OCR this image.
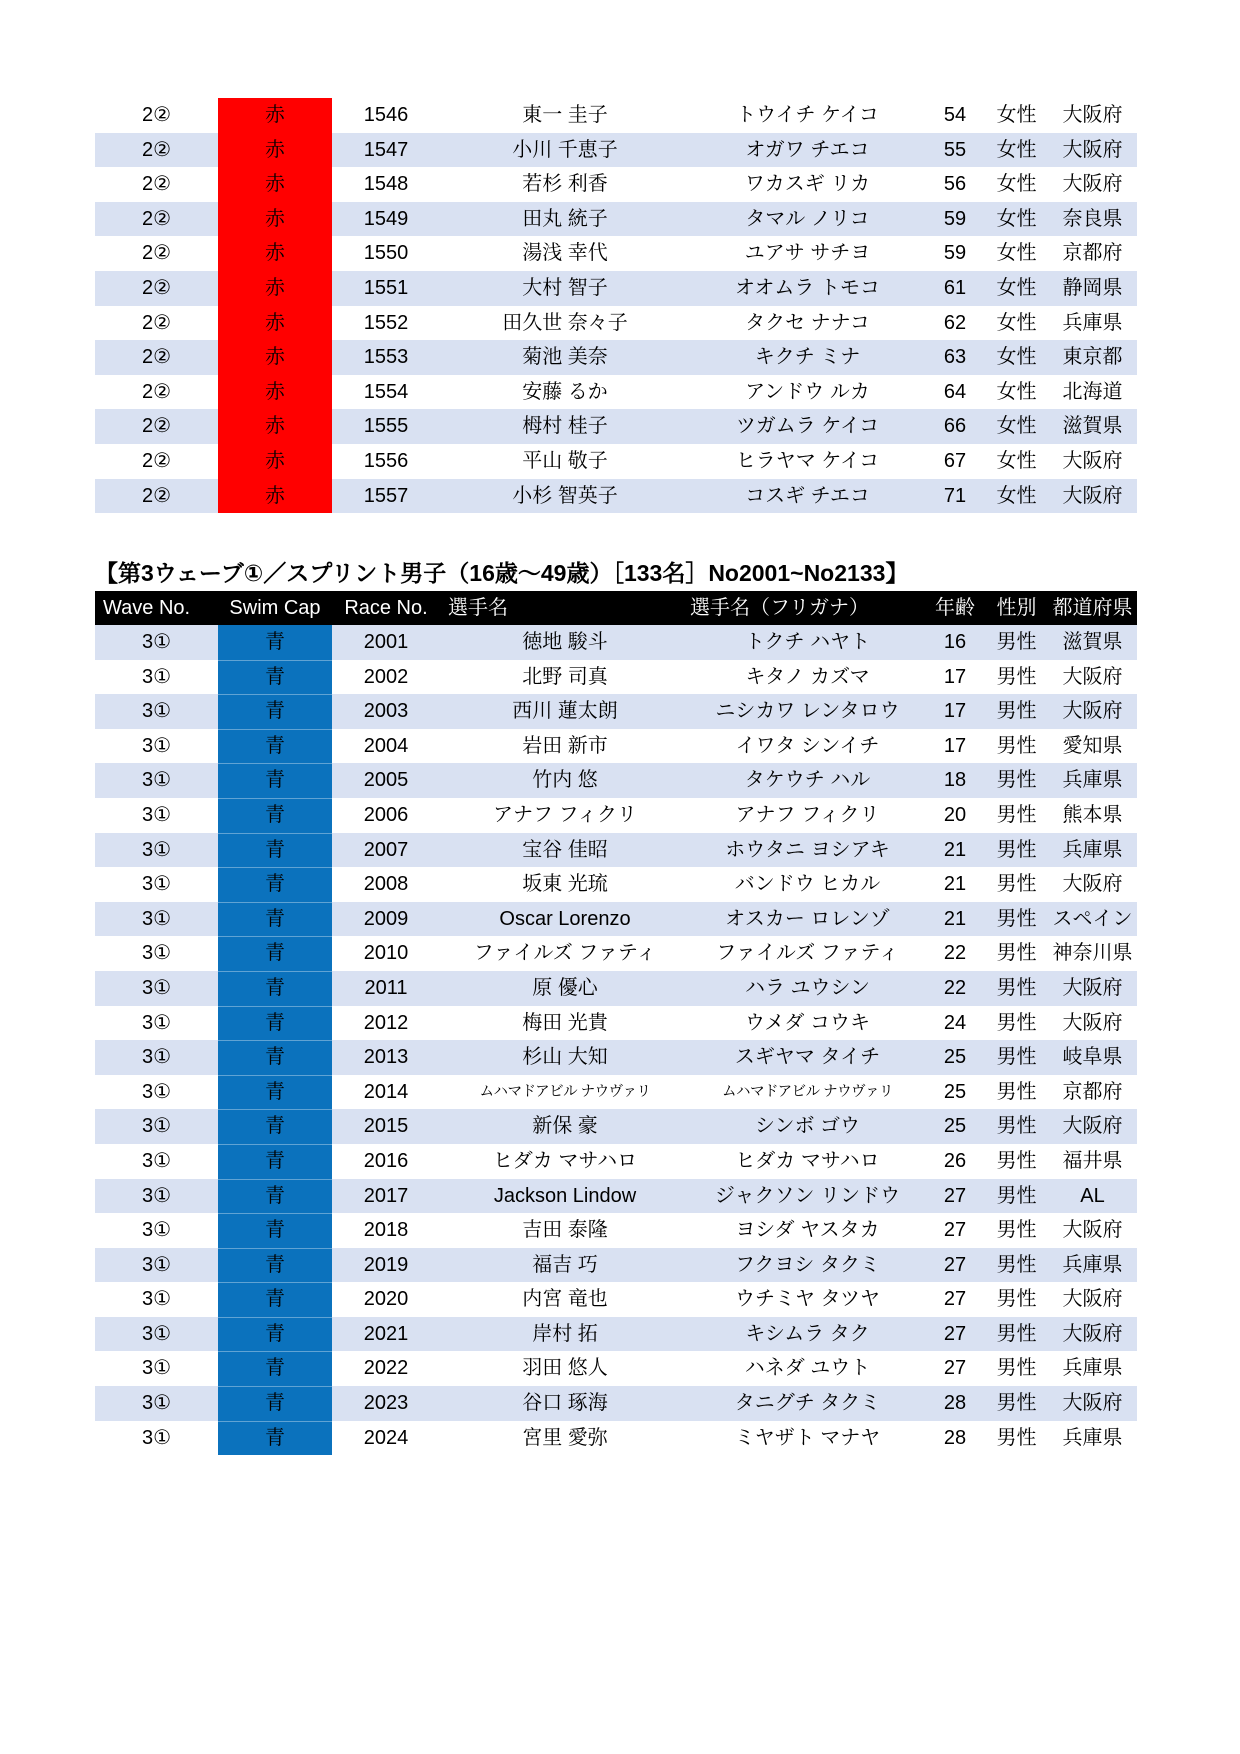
2②	赤	1546	東一 圭子	トウイチ ケイコ	54	女性	大阪府
2②	赤	1547	小川 千恵子	オガワ チエコ	55	女性	大阪府
2②	赤	1548	若杉 利香	ワカスギ リカ	56	女性	大阪府
2②	赤	1549	田丸 統子	タマル ノリコ	59	女性	奈良県
2②	赤	1550	湯浅 幸代	ユアサ サチヨ	59	女性	京都府
2②	赤	1551	大村 智子	オオムラ トモコ	61	女性	静岡県
2②	赤	1552	田久世 奈々子	タクセ ナナコ	62	女性	兵庫県
2②	赤	1553	菊池 美奈	キクチ ミナ	63	女性	東京都
2②	赤	1554	安藤 るか	アンドウ ルカ	64	女性	北海道
2②	赤	1555	栂村 桂子	ツガムラ ケイコ	66	女性	滋賀県
2②	赤	1556	平山 敬子	ヒラヤマ ケイコ	67	女性	大阪府
2②	赤	1557	小杉 智英子	コスギ チエコ	71	女性	大阪府
【第3ウェーブ①／スプリント男子（16歳～49歳）［133名］No2001~No2133】
Wave No.	Swim Cap	Race No.	選手名	選手名（フリガナ）	年齢	性別 都道府県
3①	青	2001	徳地 駿斗	トクチ ハヤト	16	男性	滋賀県
3①	青	2002	北野 司真	キタノ カズマ	17	男性	大阪府
3①	青	2003	西川 蓮太朗	ニシカワ レンタロウ	17	男性	大阪府
3①	青	2004	岩田 新市	イワタ シンイチ	17	男性	愛知県
3①	青	2005	竹内 悠	タケウチ ハル	18	男性	兵庫県
3①	青	2006	アナフ フィクリ	アナフ フィクリ	20	男性	熊本県
3①	青	2007	宝谷 佳昭	ホウタニ ヨシアキ	21	男性	兵庫県
3①	青	2008	坂東 光琉	バンドウ ヒカル	21	男性	大阪府
3①	青	2009	Oscar Lorenzo	オスカー ロレンゾ	21	男性 スペイン
3①	青	2010	ファイルズ ファティ	ファイルズ ファティ	22	男性 神奈川県
3①	青	2011	原 優心	ハラ ユウシン	22	男性	大阪府
3①	青	2012	梅田 光貴	ウメダ コウキ	24	男性	大阪府
3①	青	2013	杉山 大知	スギヤマ タイチ	25	男性	岐阜県
3①	青	2014	ムハマドアビル ナウヴァリ	ムハマドアビル ナウヴァリ	25	男性	京都府
3①	青	2015	新保 豪	シンボ ゴウ	25	男性	大阪府
3①	青	2016	ヒダカ マサハロ	ヒダカ マサハロ	26	男性	福井県
3①	青	2017	Jackson Lindow	ジャクソン リンドウ	27	男性	AL
3①	青	2018	吉田 泰隆	ヨシダ ヤスタカ	27	男性	大阪府
3①	青	2019	福吉 巧	フクヨシ タクミ	27	男性	兵庫県
3①	青	2020	内宮 竜也	ウチミヤ タツヤ	27	男性	大阪府
3①	青	2021	岸村 拓	キシムラ タク	27	男性	大阪府
3①	青	2022	羽田 悠人	ハネダ ユウト	27	男性	兵庫県
3①	青	2023	谷口 琢海	タニグチ タクミ	28	男性	大阪府
3①	青	2024	宮里 愛弥	ミヤザト マナヤ	28	男性	兵庫県
